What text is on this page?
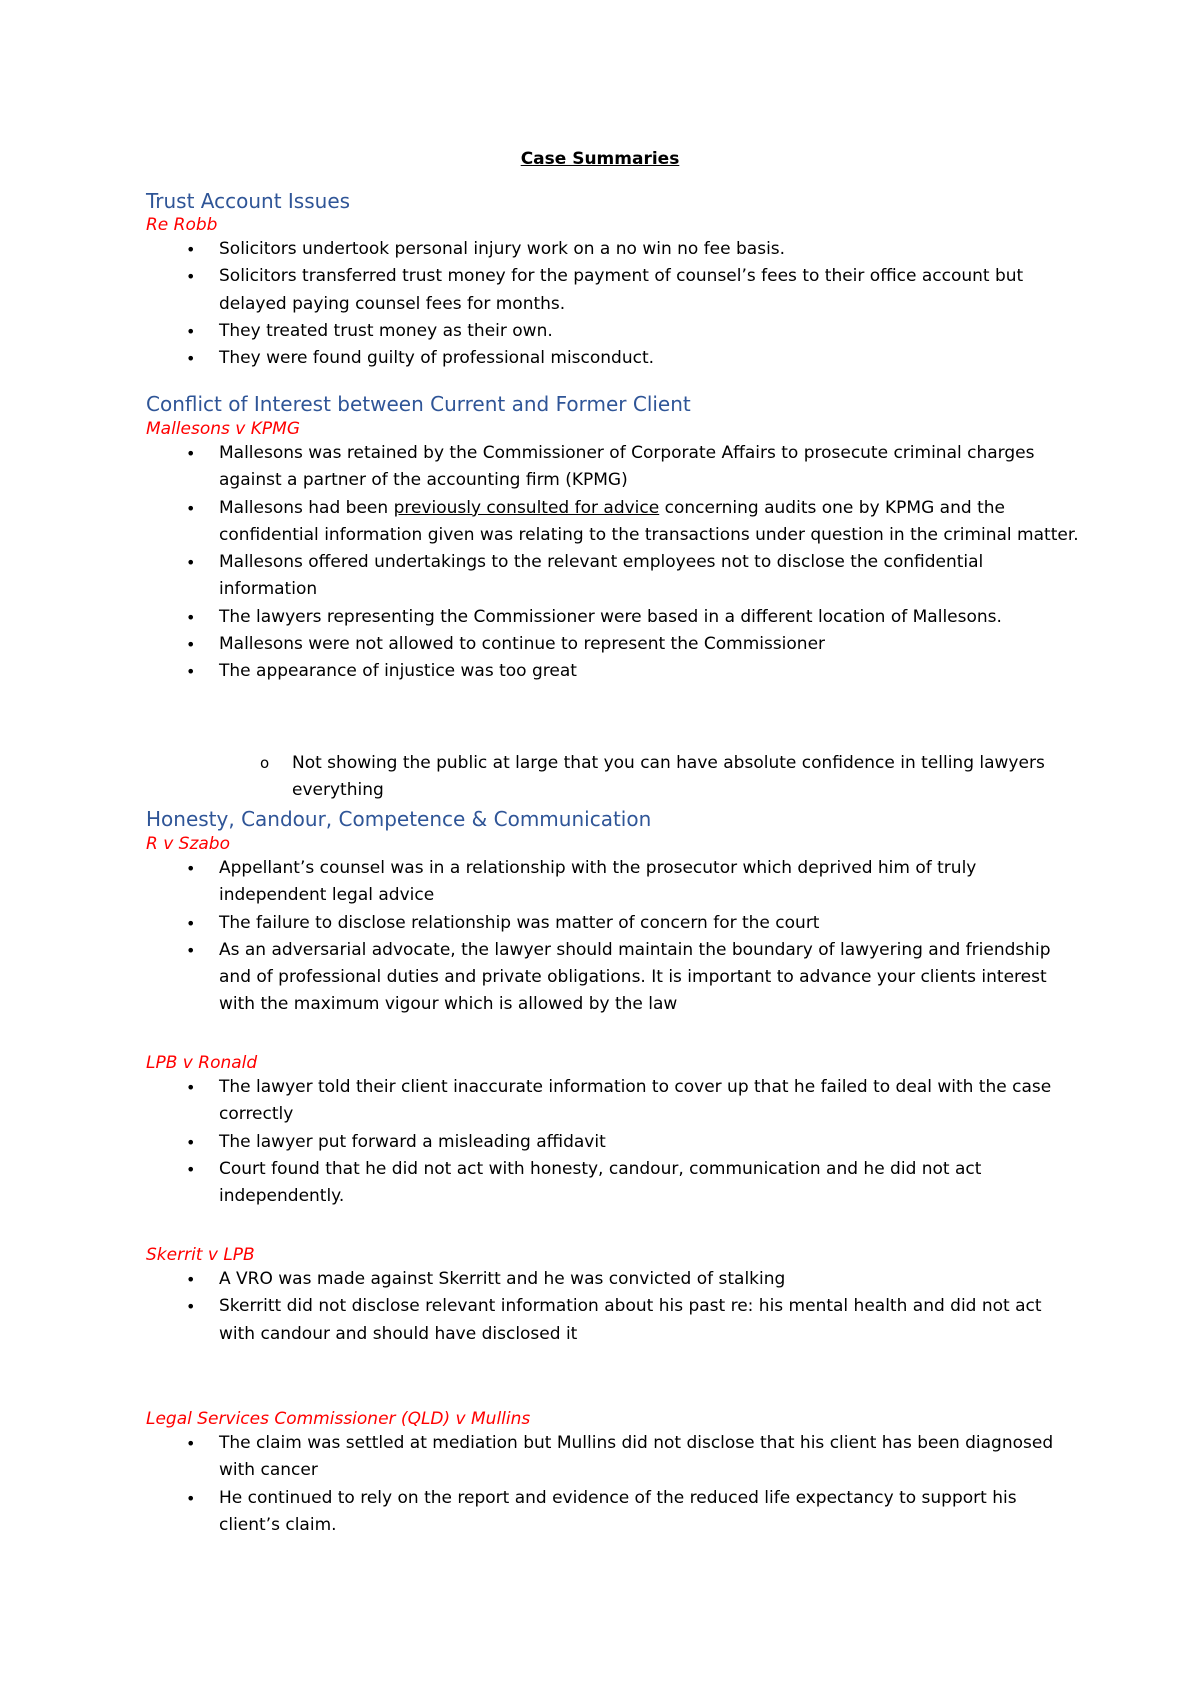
Case Summaries
Trust Account Issues
Re Robb
• Solicitors undertook personal injury work on a no win no fee basis.
• Solicitors transferred trust money for the payment of counsel’s fees to their office account but delayed paying counsel fees for months.
• They treated trust money as their own.
• They were found guilty of professional misconduct.
Conflict of Interest between Current and Former Client
Mallesons v KPMG
• Mallesons was retained by the Commissioner of Corporate Affairs to prosecute criminal charges against a partner of the accounting firm (KPMG)
• Mallesons had been previously consulted for advice concerning audits one by KPMG and the confidential information given was relating to the transactions under question in the criminal matter.
• Mallesons offered undertakings to the relevant employees not to disclose the confidential information
• The lawyers representing the Commissioner were based in a different location of Mallesons.
• Mallesons were not allowed to continue to represent the Commissioner
• The appearance of injustice was too great
o Not showing the public at large that you can have absolute confidence in telling lawyers everything
Honesty, Candour, Competence & Communication
R v Szabo
• Appellant’s counsel was in a relationship with the prosecutor which deprived him of truly independent legal advice
• The failure to disclose relationship was matter of concern for the court
• As an adversarial advocate, the lawyer should maintain the boundary of lawyering and friendship and of professional duties and private obligations. It is important to advance your clients interest with the maximum vigour which is allowed by the law
LPB v Ronald
• The lawyer told their client inaccurate information to cover up that he failed to deal with the case correctly
• The lawyer put forward a misleading affidavit
• Court found that he did not act with honesty, candour, communication and he did not act independently.
Skerrit v LPB
• A VRO was made against Skerritt and he was convicted of stalking
• Skerritt did not disclose relevant information about his past re: his mental health and did not act with candour and should have disclosed it
Legal Services Commissioner (QLD) v Mullins
• The claim was settled at mediation but Mullins did not disclose that his client has been diagnosed with cancer
• He continued to rely on the report and evidence of the reduced life expectancy to support his client’s claim.
